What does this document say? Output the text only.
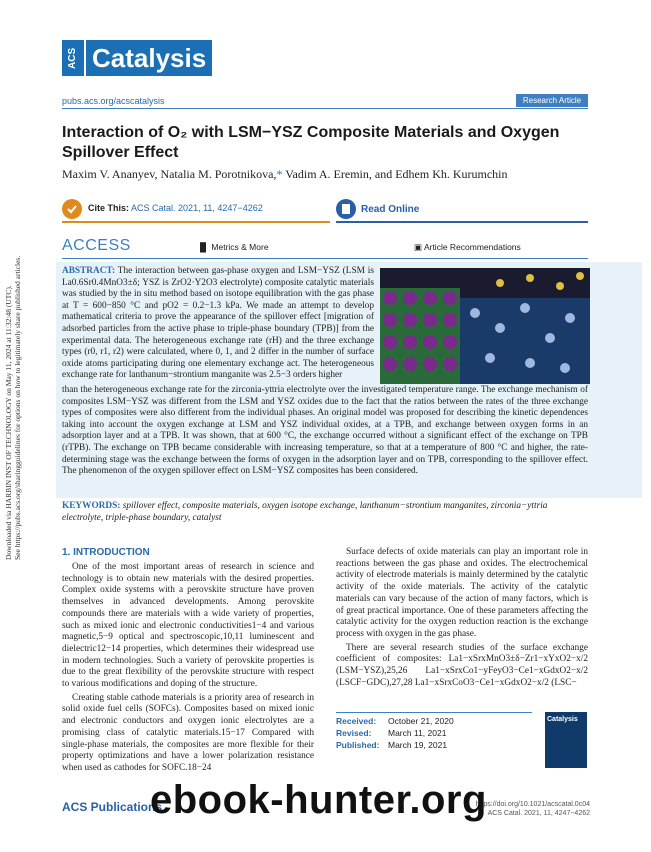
Downloaded via HARBIN INST OF TECHNOLOGY on May 11, 2024 at 11:32:48 (UTC). See https://pubs.acs.org/sharingguidelines for options on how to legitimately share published articles.
ACS Catalysis
pubs.acs.org/acscatalysis	Research Article
Interaction of O₂ with LSM−YSZ Composite Materials and Oxygen Spillover Effect
Maxim V. Ananyev, Natalia M. Porotnikova,* Vadim A. Eremin, and Edhem Kh. Kurumchin
Cite This: ACS Catal. 2021, 11, 4247−4262	Read Online
ACCESS	▐▌ Metrics & More	▣ Article Recommendations
ABSTRACT: The interaction between gas-phase oxygen and LSM−YSZ (LSM is La0.6Sr0.4MnO3±δ; YSZ is ZrO2·Y2O3 electrolyte) composite catalytic materials was studied by the in situ method based on isotope equilibration with the gas phase at T = 600−850 °C and pO2 = 0.2−1.3 kPa. We made an attempt to develop mathematical criteria to prove the appearance of the spillover effect [migration of adsorbed particles from the active phase to triple-phase boundary (TPB)] from the experimental data. The heterogeneous exchange rate (rH) and the three exchange types (r0, r1, r2) were calculated, where 0, 1, and 2 differ in the number of surface oxide atoms participating during one elementary exchange act. The heterogeneous exchange rate for lanthanum−strontium manganite was 2.5−3 orders higher
than the heterogeneous exchange rate for the zirconia-yttria electrolyte over the investigated temperature range. The exchange mechanism of composites LSM−YSZ was different from the LSM and YSZ oxides due to the fact that the ratios between the rates of the three exchange types of composites were also different from the individual phases. An original model was proposed for describing the kinetic dependences taking into account the oxygen exchange at LSM and YSZ individual oxides, at a TPB, and exchange between oxygen forms in an adsorption layer and at a TPB. It was shown, that at 600 °C, the exchange occurred without a significant effect of the exchange on TPB (rTPB). The exchange on TPB became considerable with increasing temperature, so that at a temperature of 800 °C and higher, the rate-determining stage was the exchange between the forms of oxygen in the adsorption layer and on TPB, corresponding to the spillover effect. The phenomenon of the oxygen spillover effect on LSM−YSZ composites has been considered.
KEYWORDS: spillover effect, composite materials, oxygen isotope exchange, lanthanum−strontium manganites, zirconia−yttria electrolyte, triple-phase boundary, catalyst
1. INTRODUCTION

One of the most important areas of research in science and technology is to obtain new materials with the desired properties. Complex oxide systems with a perovskite structure have proven themselves in advanced developments. Among perovskite compounds there are materials with a wide variety of properties, such as mixed ionic and electronic conductivities1−4 and various magnetic,5−9 optical and spectroscopic,10,11 luminescent and dielectric12−14 properties, which determines their widespread use in modern technologies. Such a variety of perovskite properties is due to the great flexibility of the perovskite structure with respect to various modifications and doping of the structure.

Creating stable cathode materials is a priority area of research in solid oxide fuel cells (SOFCs). Composites based on mixed ionic and electronic conductors and oxygen ionic electrolytes are a promising class of catalytic materials.15−17 Compared with single-phase materials, the composites are more flexible for their property optimizations and have a lower polarization resistance when used as cathodes for SOFC.18−24

Surface defects of oxide materials can play an important role in reactions between the gas phase and oxides. The electrochemical activity of electrode materials is mainly determined by the catalytic activity of the oxide materials. The activity of the catalytic materials can vary because of the action of many factors, which is of great practical importance. One of these parameters affecting the catalytic activity for the oxygen reduction reaction is the exchange process with oxygen in the gas phase.

There are several research studies of the surface exchange coefficient of composites: La1−xSrxMnO3±δ−Zr1−xYxO2−x/2 (LSM−YSZ),25,26 La1−xSrxCo1−yFeyO3−Ce1−xGdxO2−x/2 (LSCF−GDC),27,28 La1−xSrxCoO3−Ce1−xGdxO2−x/2 (LSC−

Received: October 21, 2020
Revised: March 11, 2021
Published: March 19, 2021
Catalysis
ACS Publications	https://doi.org/10.1021/acscatal.0c04
ACS Catal. 2021, 11, 4247−4262
ebook-hunter.org
